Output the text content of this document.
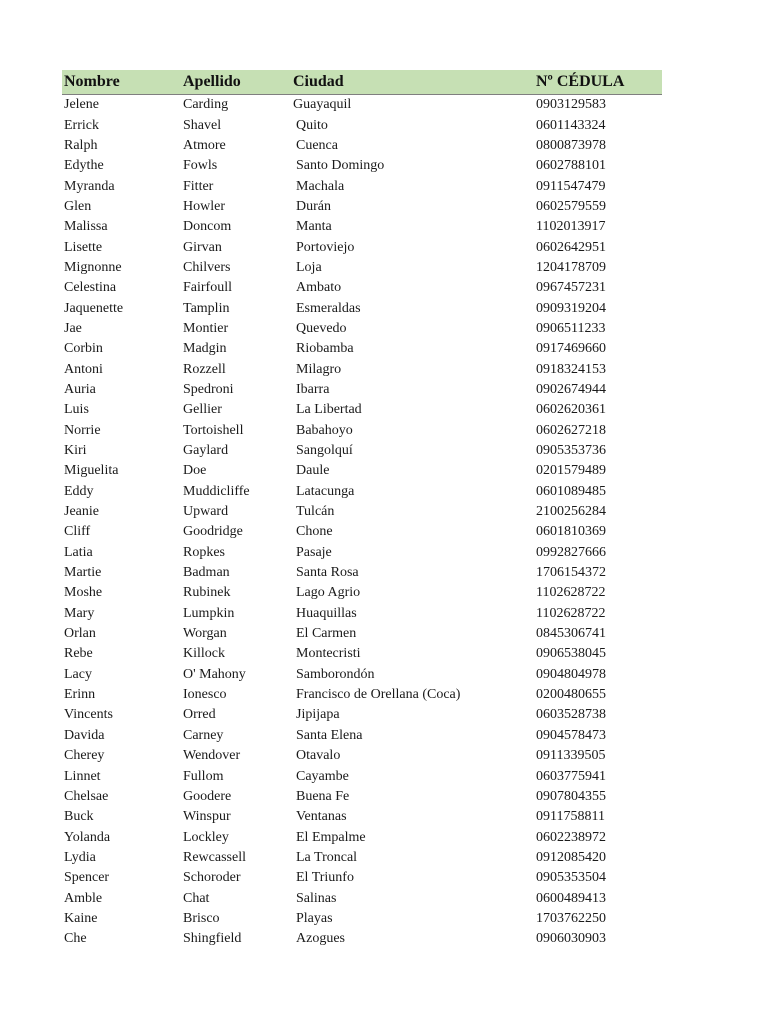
Nombre	Apellido	Ciudad	Nº CÉDULA
Jelene	Carding	Guayaquil	0903129583
Errick	Shavel	Quito	0601143324
Ralph	Atmore	Cuenca	0800873978
Edythe	Fowls	Santo Domingo	0602788101
Myranda	Fitter	Machala	0911547479
Glen	Howler	Durán	0602579559
Malissa	Doncom	Manta	1102013917
Lisette	Girvan	Portoviejo	0602642951
Mignonne	Chilvers	Loja	1204178709
Celestina	Fairfoull	Ambato	0967457231
Jaquenette	Tamplin	Esmeraldas	0909319204
Jae	Montier	Quevedo	0906511233
Corbin	Madgin	Riobamba	0917469660
Antoni	Rozzell	Milagro	0918324153
Auria	Spedroni	Ibarra	0902674944
Luis	Gellier	La Libertad	0602620361
Norrie	Tortoishell	Babahoyo	0602627218
Kiri	Gaylard	Sangolquí	0905353736
Miguelita	Doe	Daule	0201579489
Eddy	Muddicliffe	Latacunga	0601089485
Jeanie	Upward	Tulcán	2100256284
Cliff	Goodridge	Chone	0601810369
Latia	Ropkes	Pasaje	0992827666
Martie	Badman	Santa Rosa	1706154372
Moshe	Rubinek	Lago Agrio	1102628722
Mary	Lumpkin	Huaquillas	1102628722
Orlan	Worgan	El Carmen	0845306741
Rebe	Killock	Montecristi	0906538045
Lacy	O' Mahony	Samborondón	0904804978
Erinn	Ionesco	Francisco de Orellana (Coca)	0200480655
Vincents	Orred	Jipijapa	0603528738
Davida	Carney	Santa Elena	0904578473
Cherey	Wendover	Otavalo	0911339505
Linnet	Fullom	Cayambe	0603775941
Chelsae	Goodere	Buena Fe	0907804355
Buck	Winspur	Ventanas	0911758811
Yolanda	Lockley	El Empalme	0602238972
Lydia	Rewcassell	La Troncal	0912085420
Spencer	Schoroder	El Triunfo	0905353504
Amble	Chat	Salinas	0600489413
Kaine	Brisco	Playas	1703762250
Che	Shingfield	Azogues	0906030903
